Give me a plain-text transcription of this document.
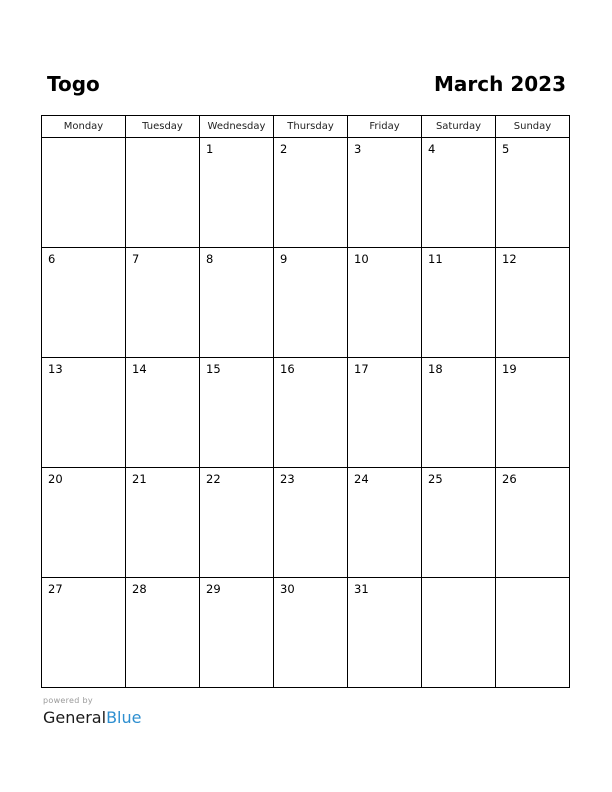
Togo	March 2023
Monday	Tuesday	Wednesday	Thursday	Friday	Saturday	Sunday

		1	2	3	4	5

6	7	8	9	10	11	12

13	14	15	16	17	18	19

20	21	22	23	24	25	26

27	28	29	30	31		

powered by
GeneralBlue
